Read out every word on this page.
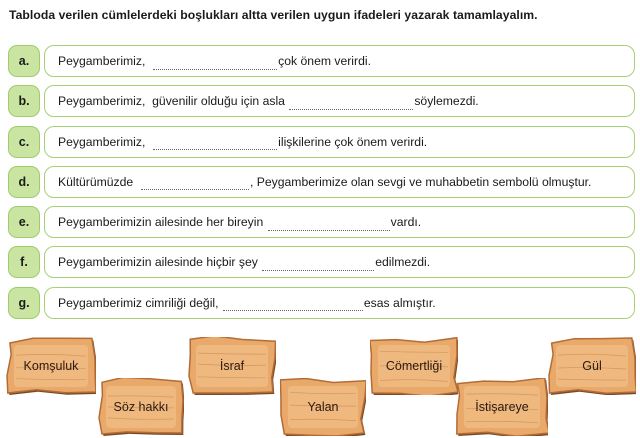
Tabloda verilen cümlelerdeki boşlukları altta verilen uygun ifadeleri yazarak tamamlayalım.
a.	Peygamberimiz,	çok önem verirdi.
b.	Peygamberimiz,  güvenilir olduğu için asla	söylemezdi.
c.	Peygamberimiz,	ilişkilerine çok önem verirdi.
d.	Kültürümüzde	, Peygamberimize olan sevgi ve muhabbetin sembolü olmuştur.
e.	Peygamberimizin ailesinde her bireyin	vardı.
f.	Peygamberimizin ailesinde hiçbir şey	edilmezdi.
g.	Peygamberimiz cimriliği değil,	esas almıştır.
Komşuluk
Söz hakkı
İsraf
Yalan
Cömertliği
İstişareye
Gül
